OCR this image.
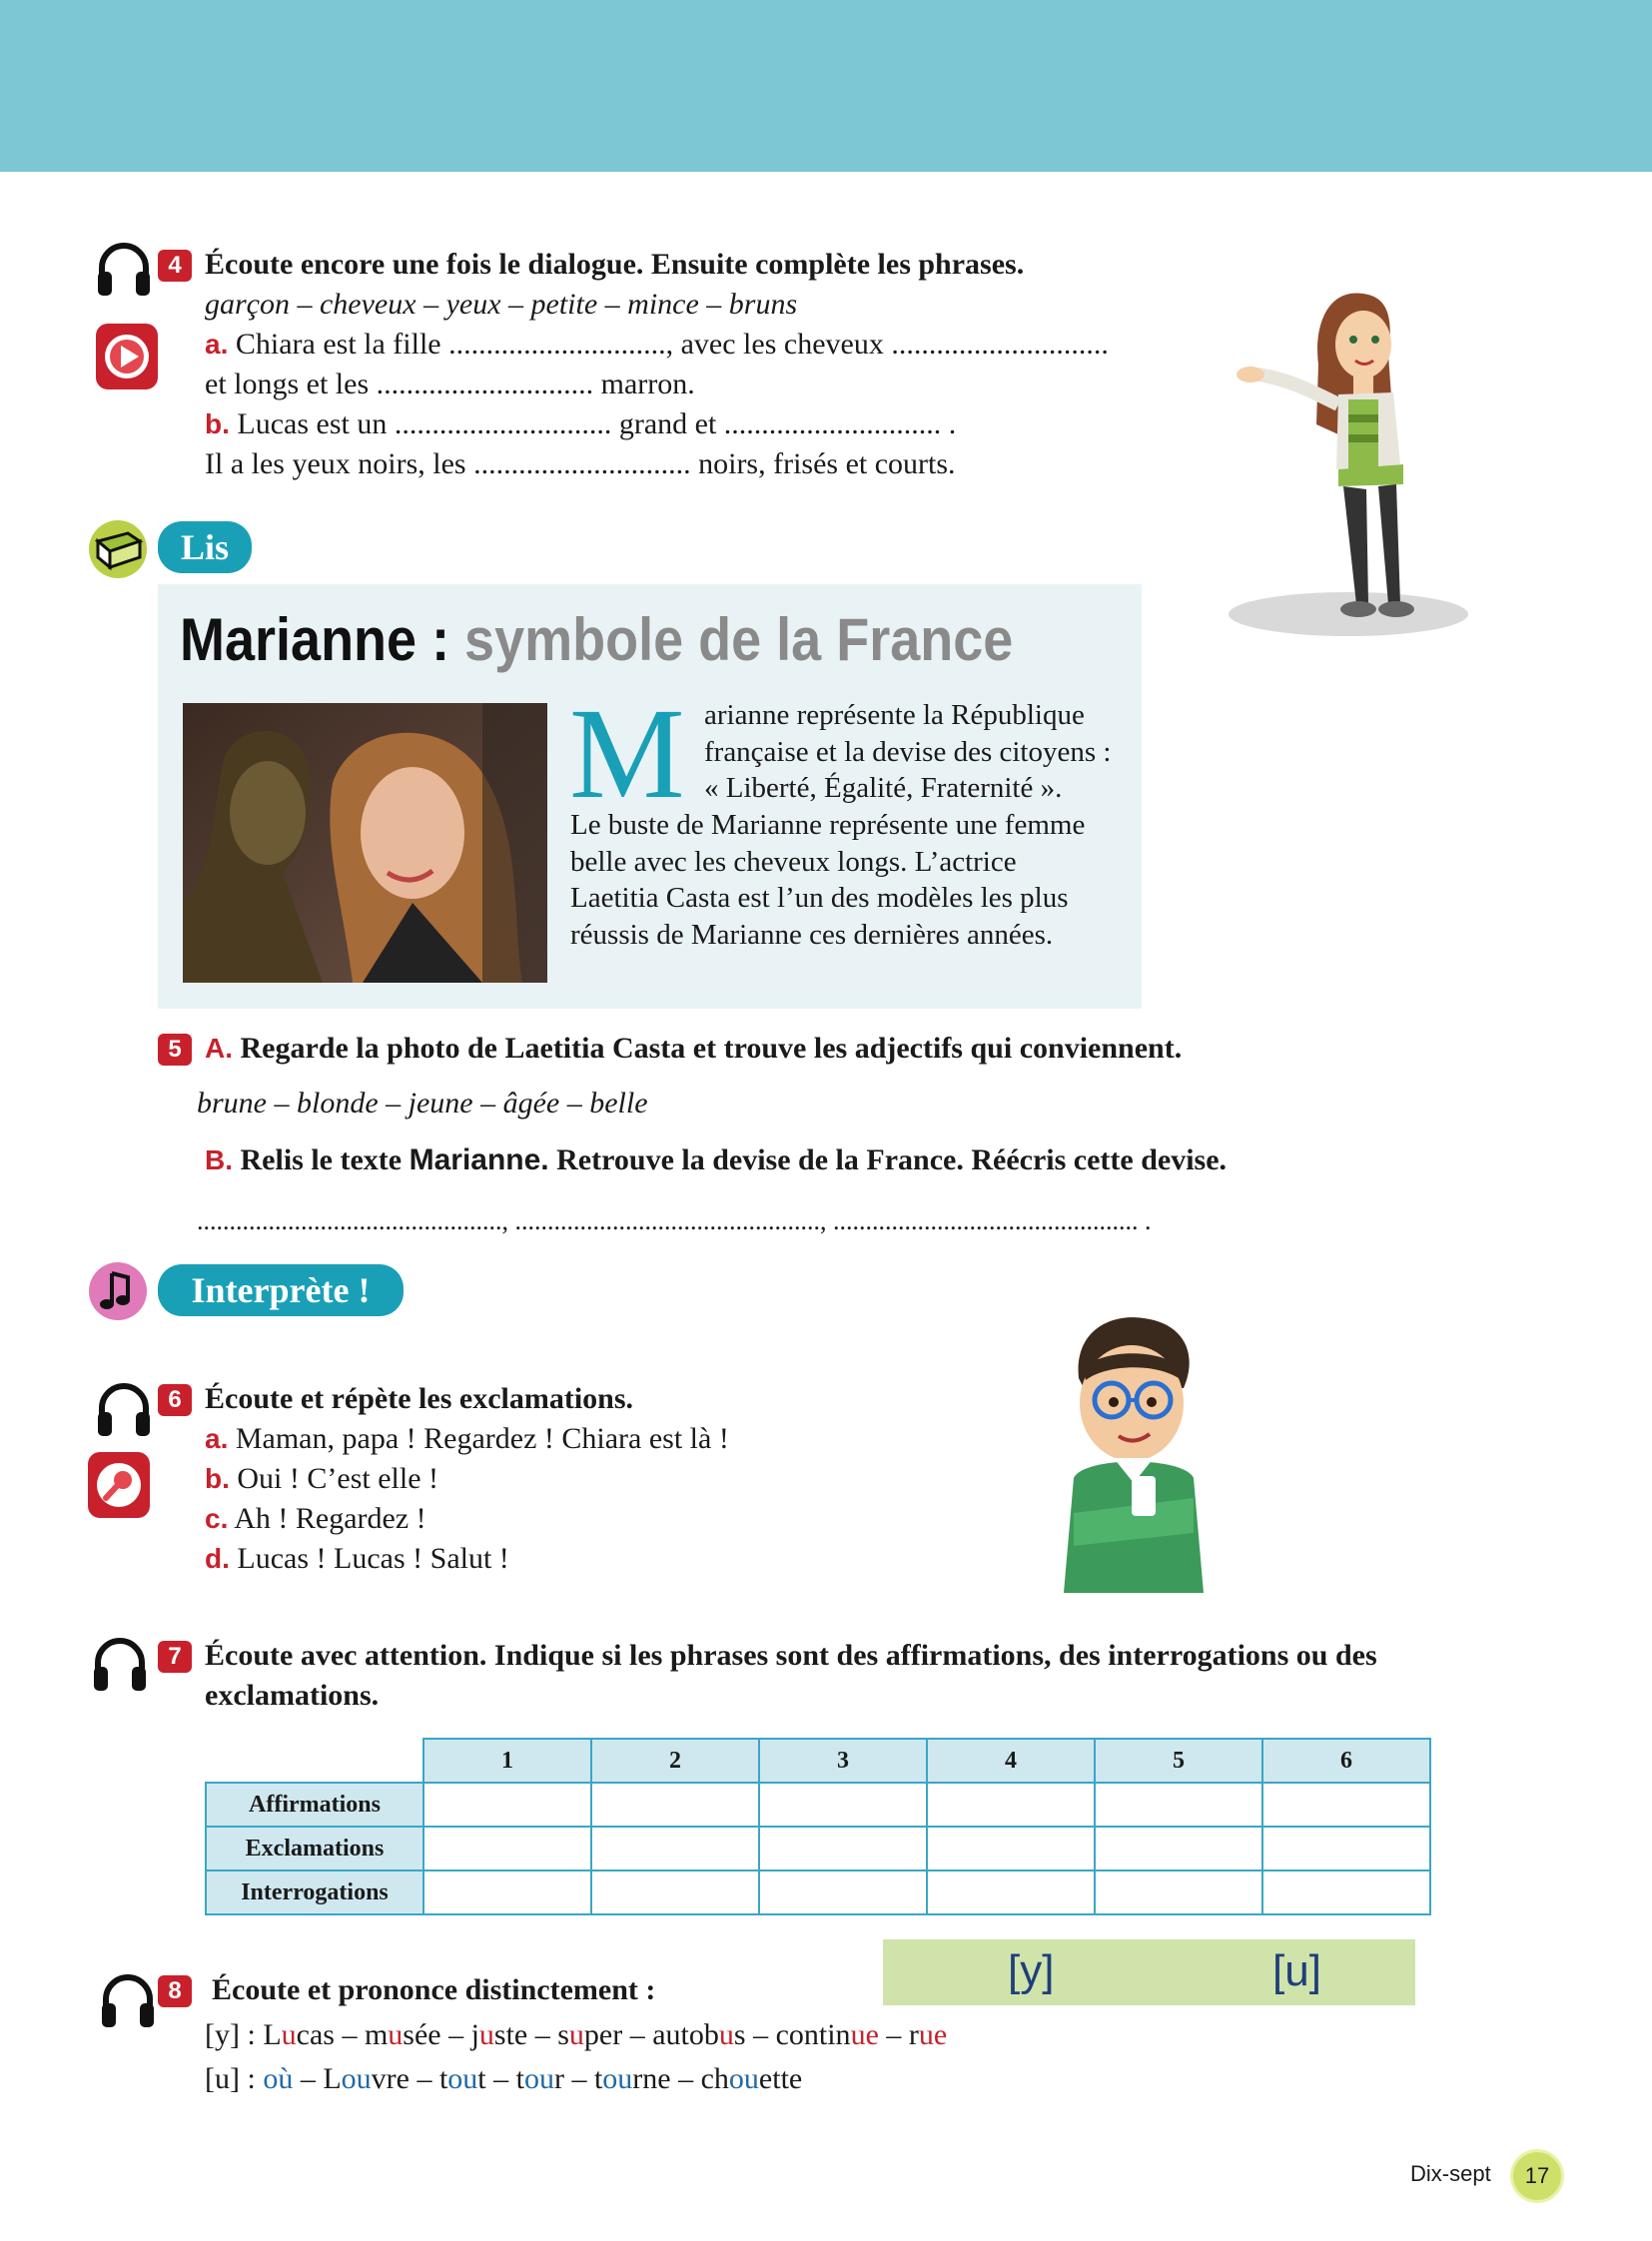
4 Écoute encore une fois le dialogue. Ensuite complète les phrases.
garçon – cheveux – yeux – petite – mince – bruns
a. Chiara est la fille ............................., avec les cheveux .............................
et longs et les ............................. marron.
b. Lucas est un ............................. grand et ............................. .
Il a les yeux noirs, les ............................. noirs, frisés et courts.
Lis
Marianne : symbole de la France
M arianne représente la République
française et la devise des citoyens :
« Liberté, Égalité, Fraternité ».
Le buste de Marianne représente une femme
belle avec les cheveux longs. L’actrice
Laetitia Casta est l’un des modèles les plus
réussis de Marianne ces dernières années.
5 A. Regarde la photo de Laetitia Casta et trouve les adjectifs qui conviennent.
brune – blonde – jeune – âgée – belle
B. Relis le texte Marianne. Retrouve la devise de la France. Réécris cette devise.
..............................................., ..............................................., ............................................... .
Interprète !
6 Écoute et répète les exclamations.
a. Maman, papa ! Regardez ! Chiara est là !
b. Oui ! C’est elle !
c. Ah ! Regardez !
d. Lucas ! Lucas ! Salut !
7 Écoute avec attention. Indique si les phrases sont des affirmations, des interrogations ou des
exclamations.
	1	2	3	4	5	6
Affirmations						
Exclamations						
Interrogations						
[y]	[u]
8	Écoute et prononce distinctement :
[y] : Lucas – musée – juste – super – autobus – continue – rue
[u] : où – Louvre – tout – tour – tourne – chouette
Dix-sept	17
